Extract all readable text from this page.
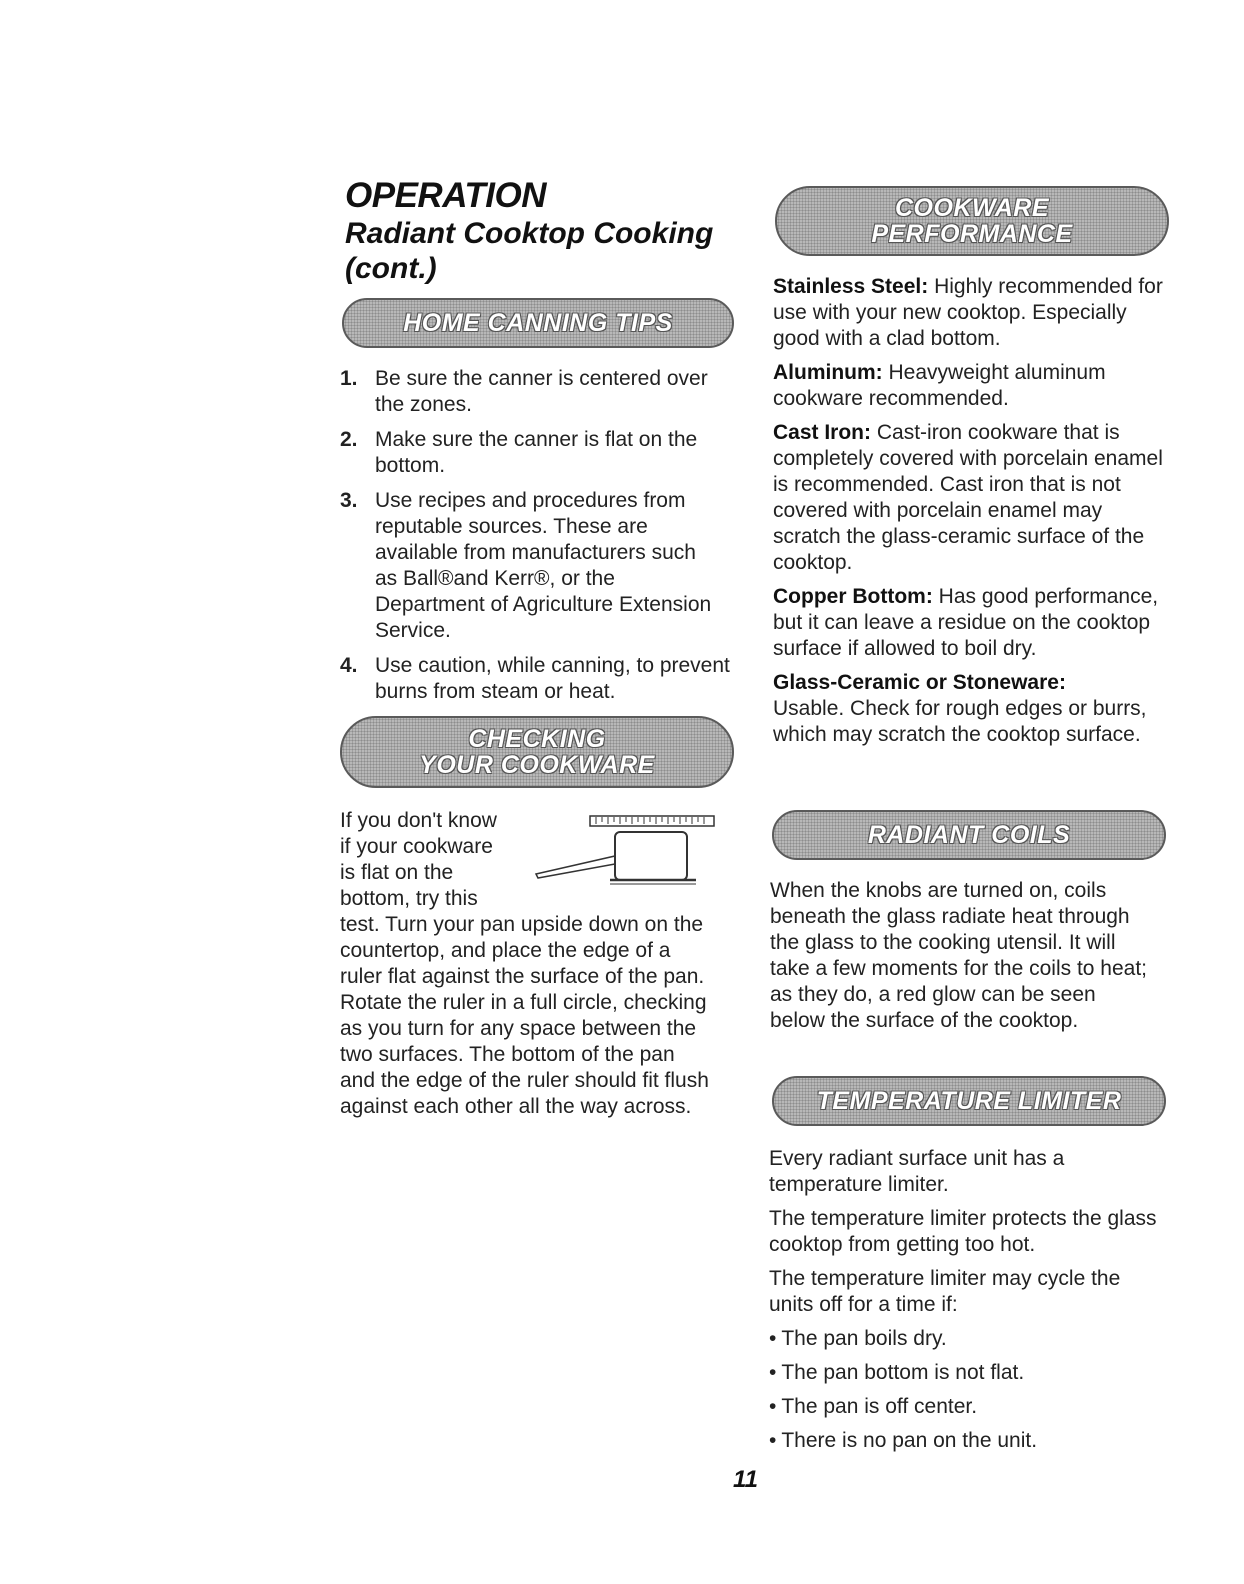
OPERATION
Radiant Cooktop Cooking
(cont.)
HOME CANNING TIPS
1. Be sure the canner is centered over the zones.
2. Make sure the canner is flat on the bottom.
3. Use recipes and procedures from reputable sources. These are available from manufacturers such as Ball®and Kerr®, or the Department of Agriculture Extension Service.
4. Use caution, while canning, to prevent burns from steam or heat.
CHECKING
YOUR COOKWARE
If you don't know
if your cookware
is flat on the
bottom, try this
test. Turn your pan upside down on the countertop, and place the edge of a ruler flat against the surface of the pan. Rotate the ruler in a full circle, checking as you turn for any space between the two surfaces. The bottom of the pan and the edge of the ruler should fit flush against each other all the way across.
COOKWARE
PERFORMANCE

Stainless Steel: Highly recommended for use with your new cooktop. Especially good with a clad bottom.

Aluminum: Heavyweight aluminum cookware recommended.

Cast Iron: Cast-iron cookware that is completely covered with porcelain enamel is recommended. Cast iron that is not covered with porcelain enamel may scratch the glass-ceramic surface of the cooktop.

Copper Bottom: Has good performance, but it can leave a residue on the cooktop surface if allowed to boil dry.

Glass-Ceramic or Stoneware:
Usable. Check for rough edges or burrs, which may scratch the cooktop surface.

RADIANT COILS
When the knobs are turned on, coils beneath the glass radiate heat through the glass to the cooking utensil. It will take a few moments for the coils to heat; as they do, a red glow can be seen below the surface of the cooktop.
TEMPERATURE LIMITER

Every radiant surface unit has a temperature limiter.

The temperature limiter protects the glass cooktop from getting too hot.

The temperature limiter may cycle the units off for a time if:

• The pan boils dry.
• The pan bottom is not flat.
• The pan is off center.
• There is no pan on the unit.
11
